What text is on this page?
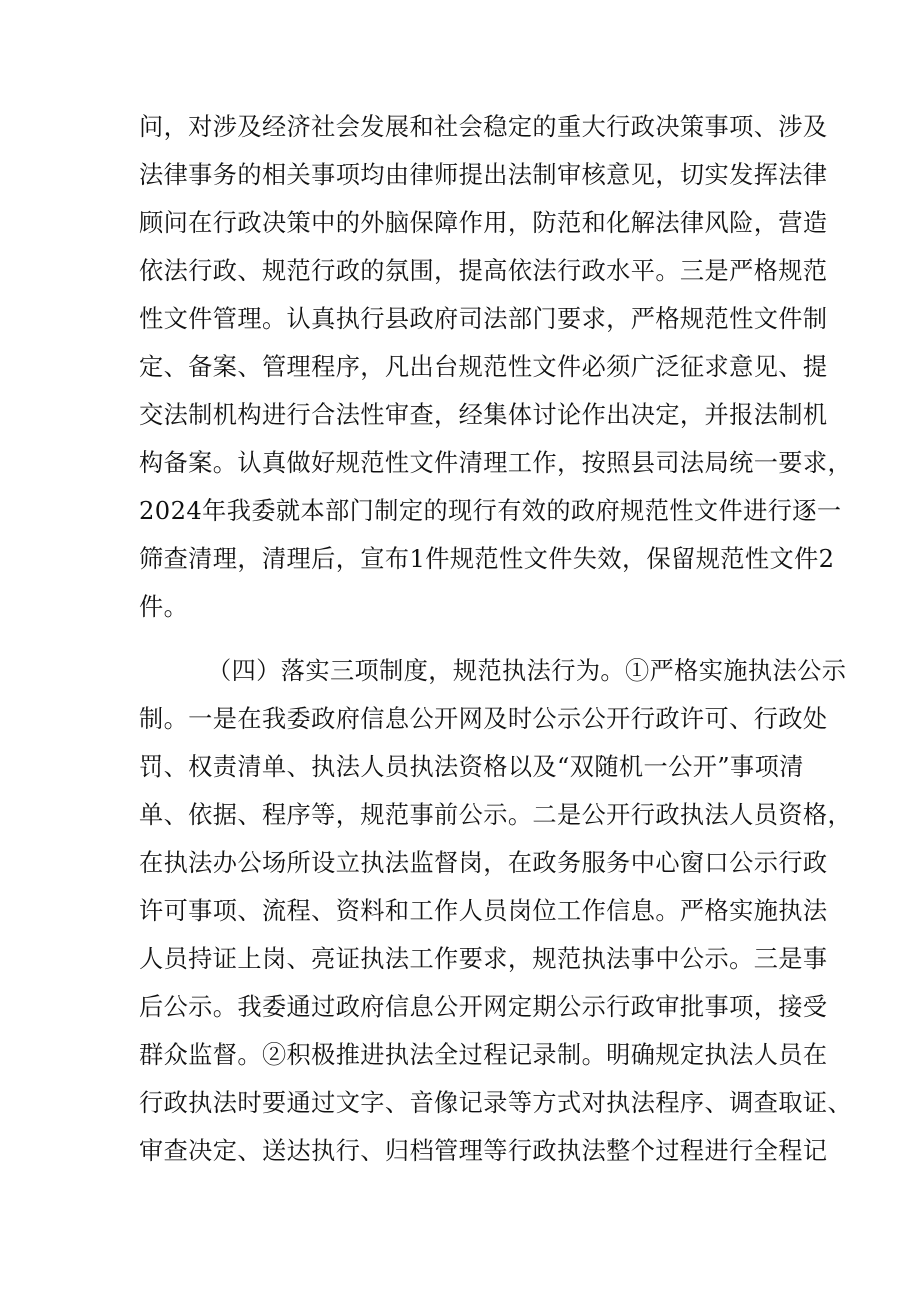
问，对涉及经济社会发展和社会稳定的重大行政决策事项、涉及
法律事务的相关事项均由律师提出法制审核意见，切实发挥法律
顾问在行政决策中的外脑保障作用，防范和化解法律风险，营造
依法行政、规范行政的氛围，提高依法行政水平。三是严格规范
性文件管理。认真执行县政府司法部门要求，严格规范性文件制
定、备案、管理程序，凡出台规范性文件必须广泛征求意见、提
交法制机构进行合法性审查，经集体讨论作出决定，并报法制机
构备案。认真做好规范性文件清理工作，按照县司法局统一要求，
2024年我委就本部门制定的现行有效的政府规范性文件进行逐一
筛查清理，清理后，宣布1件规范性文件失效，保留规范性文件2
件。
（四）落实三项制度，规范执法行为。①严格实施执法公示
制。一是在我委政府信息公开网及时公示公开行政许可、行政处
罚、权责清单、执法人员执法资格以及“双随机一公开”事项清
单、依据、程序等，规范事前公示。二是公开行政执法人员资格，
在执法办公场所设立执法监督岗，在政务服务中心窗口公示行政
许可事项、流程、资料和工作人员岗位工作信息。严格实施执法
人员持证上岗、亮证执法工作要求，规范执法事中公示。三是事
后公示。我委通过政府信息公开网定期公示行政审批事项，接受
群众监督。②积极推进执法全过程记录制。明确规定执法人员在
行政执法时要通过文字、音像记录等方式对执法程序、调查取证、
审查决定、送达执行、归档管理等行政执法整个过程进行全程记
